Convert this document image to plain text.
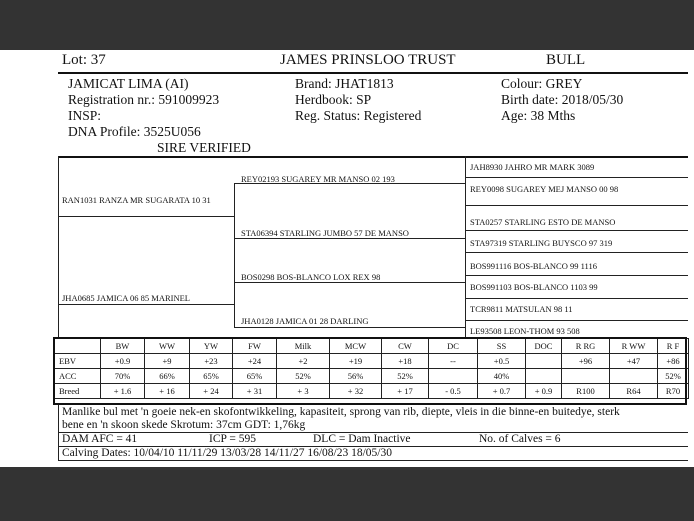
Lot: 37	JAMES PRINSLOO TRUST	BULL
JAMICAT LIMA (AI)
Registration nr.: 591009923
INSP:
DNA Profile: 3525U056
SIRE VERIFIED
Brand: JHAT1813
Herdbook: SP
Reg. Status: Registered
Colour: GREY
Birth date: 2018/05/30
Age: 38 Mths
RAN1031 RANZA MR SUGARATA 10 31
JHA0685 JAMICA 06 85 MARINEL
REY02193 SUGAREY MR MANSO 02 193
STA06394 STARLING JUMBO 57 DE MANSO
BOS0298 BOS-BLANCO LOX REX 98
JHA0128 JAMICA 01 28 DARLING
JAH8930 JAHRO MR MARK 3089
REY0098 SUGAREY MEJ MANSO 00 98
STA0257 STARLING ESTO DE MANSO
STA97319 STARLING BUYSCO 97 319
BOS991116 BOS-BLANCO 99 1116
BOS991103 BOS-BLANCO 1103 99
TCR9811 MATSULAN 98 11
LE93508 LEON-THOM 93 508
	BW	WW	YW	FW	Milk	MCW	CW	DC	SS	DOC	R RG	R WW	R F
EBV	+0.9	+9	+23	+24	+2	+19	+18	--	+0.5		+96	+47	+86
ACC	70%	66%	65%	65%	52%	56%	52%		40%				52%
Breed	+ 1.6	+ 16	+ 24	+ 31	+ 3	+ 32	+ 17	- 0.5	+ 0.7	+ 0.9	R100	R64	R70
Manlike bul met 'n goeie nek-en skofontwikkeling, kapasiteit, sprong van rib, diepte, vleis in die binne-en buitedye, sterk
bene en 'n skoon skede Skrotum: 37cm GDT: 1,76kg
DAM AFC = 41	ICP = 595	DLC = Dam Inactive	No. of Calves = 6
Calving Dates: 10/04/10 11/11/29 13/03/28 14/11/27 16/08/23 18/05/30
